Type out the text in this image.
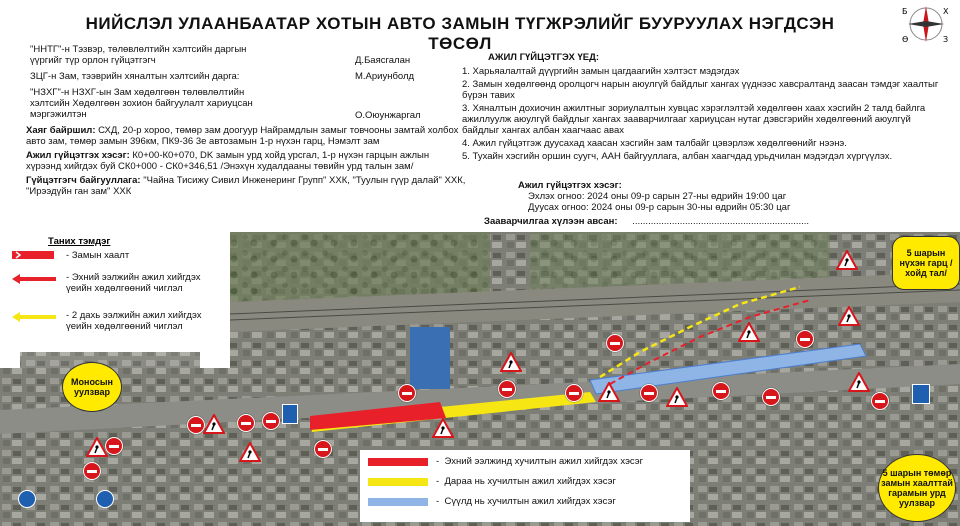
НИЙСЛЭЛ УЛААНБААТАР ХОТЫН АВТО ЗАМЫН ТҮГЖРЭЛИЙГ БУУРУУЛАХ НЭГДСЭН ТӨСӨЛ
Б	Х
Ө	З
"ННТГ"-н Тэзвэр, төлөвлөлтийн хэлтсийн даргын
үүргийг түр орлон гүйцэтгэгч	Д.Баясгалан
ЗЦГ-н Зам, тээврийн хяналтын хэлтсийн дарга:	М.Ариунболд
"НЗХГ"-н НЗХГ-ын Зам хөдөлгөөн төлөвлөлтийн
хэлтсийн Хөдөлгөөн зохион байгуулалт хариуцсан
мэргэжилтэн	О.Оюунжаргал
Хаяг байршил: СХД, 20-р хороо, төмөр зам доогуур Найрамдлын замыг товчооны замтай холбох авто зам, төмөр замын 396км, ПК9-36 3е автозамын 1-р нүхэн гарц, Нэмэлт зам
Ажил гүйцэтгэх хэсэг: К0+00-К0+070, DK замын урд хойд урсгал, 1-р нүхэн гарцын ажлын хүрээнд хийгдэх буй СК0+000 - СК0+346,51 /Энэхүн худалдааны төвийн урд талын зам/
Гүйцэтгэгч байгууллага: "Чайна Тисижу Сивил Инженеринг Групп" ХХК, "Туулын гүүр далай" ХХК, "Ирээдүйн ган зам" ХХК
АЖИЛ ГҮЙЦЭТГЭХ ҮЕД:
1. Харьяалалтай дүүргийн замын цагдаагийн хэлтэст мэдэгдэх
2. Замын хөдөлгөөнд оролцогч нарын аюулгүй байдлыг хангах үүднээс хавсралтанд заасан тэмдэг хаалтыг бүрэн тавих
3. Хяналтын дохиочин ажилтныг зориулалтын хувцас хэрэглэлтэй хөдөлгөөн хаах хэсгийн 2 талд байлга ажиллуулж аюулгүй байдлыг хангах зааварчилгааг хариуцсан нутаг дэвсгэрийн хөдөлгөөний аюулгүй байдлыг хангах албан хаагчаас авах
4. Ажил гүйцэтгэж дуусахад хаасан хэсгийн зам талбайг цэвэрлэж хөдөлгөөнийг нээнэ.
5. Тухайн хэсгийн оршин суугч, ААН байгууллага, албан хаагчдад урьдчилан мэдэгдэл хүргүүлэх.
Ажил гүйцэтгэх хэсэг:
Эхлэх огноо: 2024 оны 09-р сарын 27-ны өдрийн 19:00 цаг
Дуусах огноо: 2024 оны 09-р сарын 30-ны өдрийн 05:30 цаг
Зааварчилгаа хүлээн авсан: ...................................................................
Таних тэмдэг
- Замын хаалт
- Эхний ээлжийн ажил хийгдэх үеийн хөдөлгөөний чиглэл
- 2 дахь ээлжийн ажил хийгдэх үеийн хөдөлгөөний чиглэл
Моносын уулзвар
5 шарын нүхэн гарц /хойд тал/
5 шарын төмөр замын хаалттай гарамын урд уулзвар
- Эхний ээлжинд хучилтын ажил хийгдэх хэсэг
- Дараа нь хучилтын ажил хийгдэх хэсэг
- Сүүлд нь хучилтын ажил хийгдэх хэсэг
